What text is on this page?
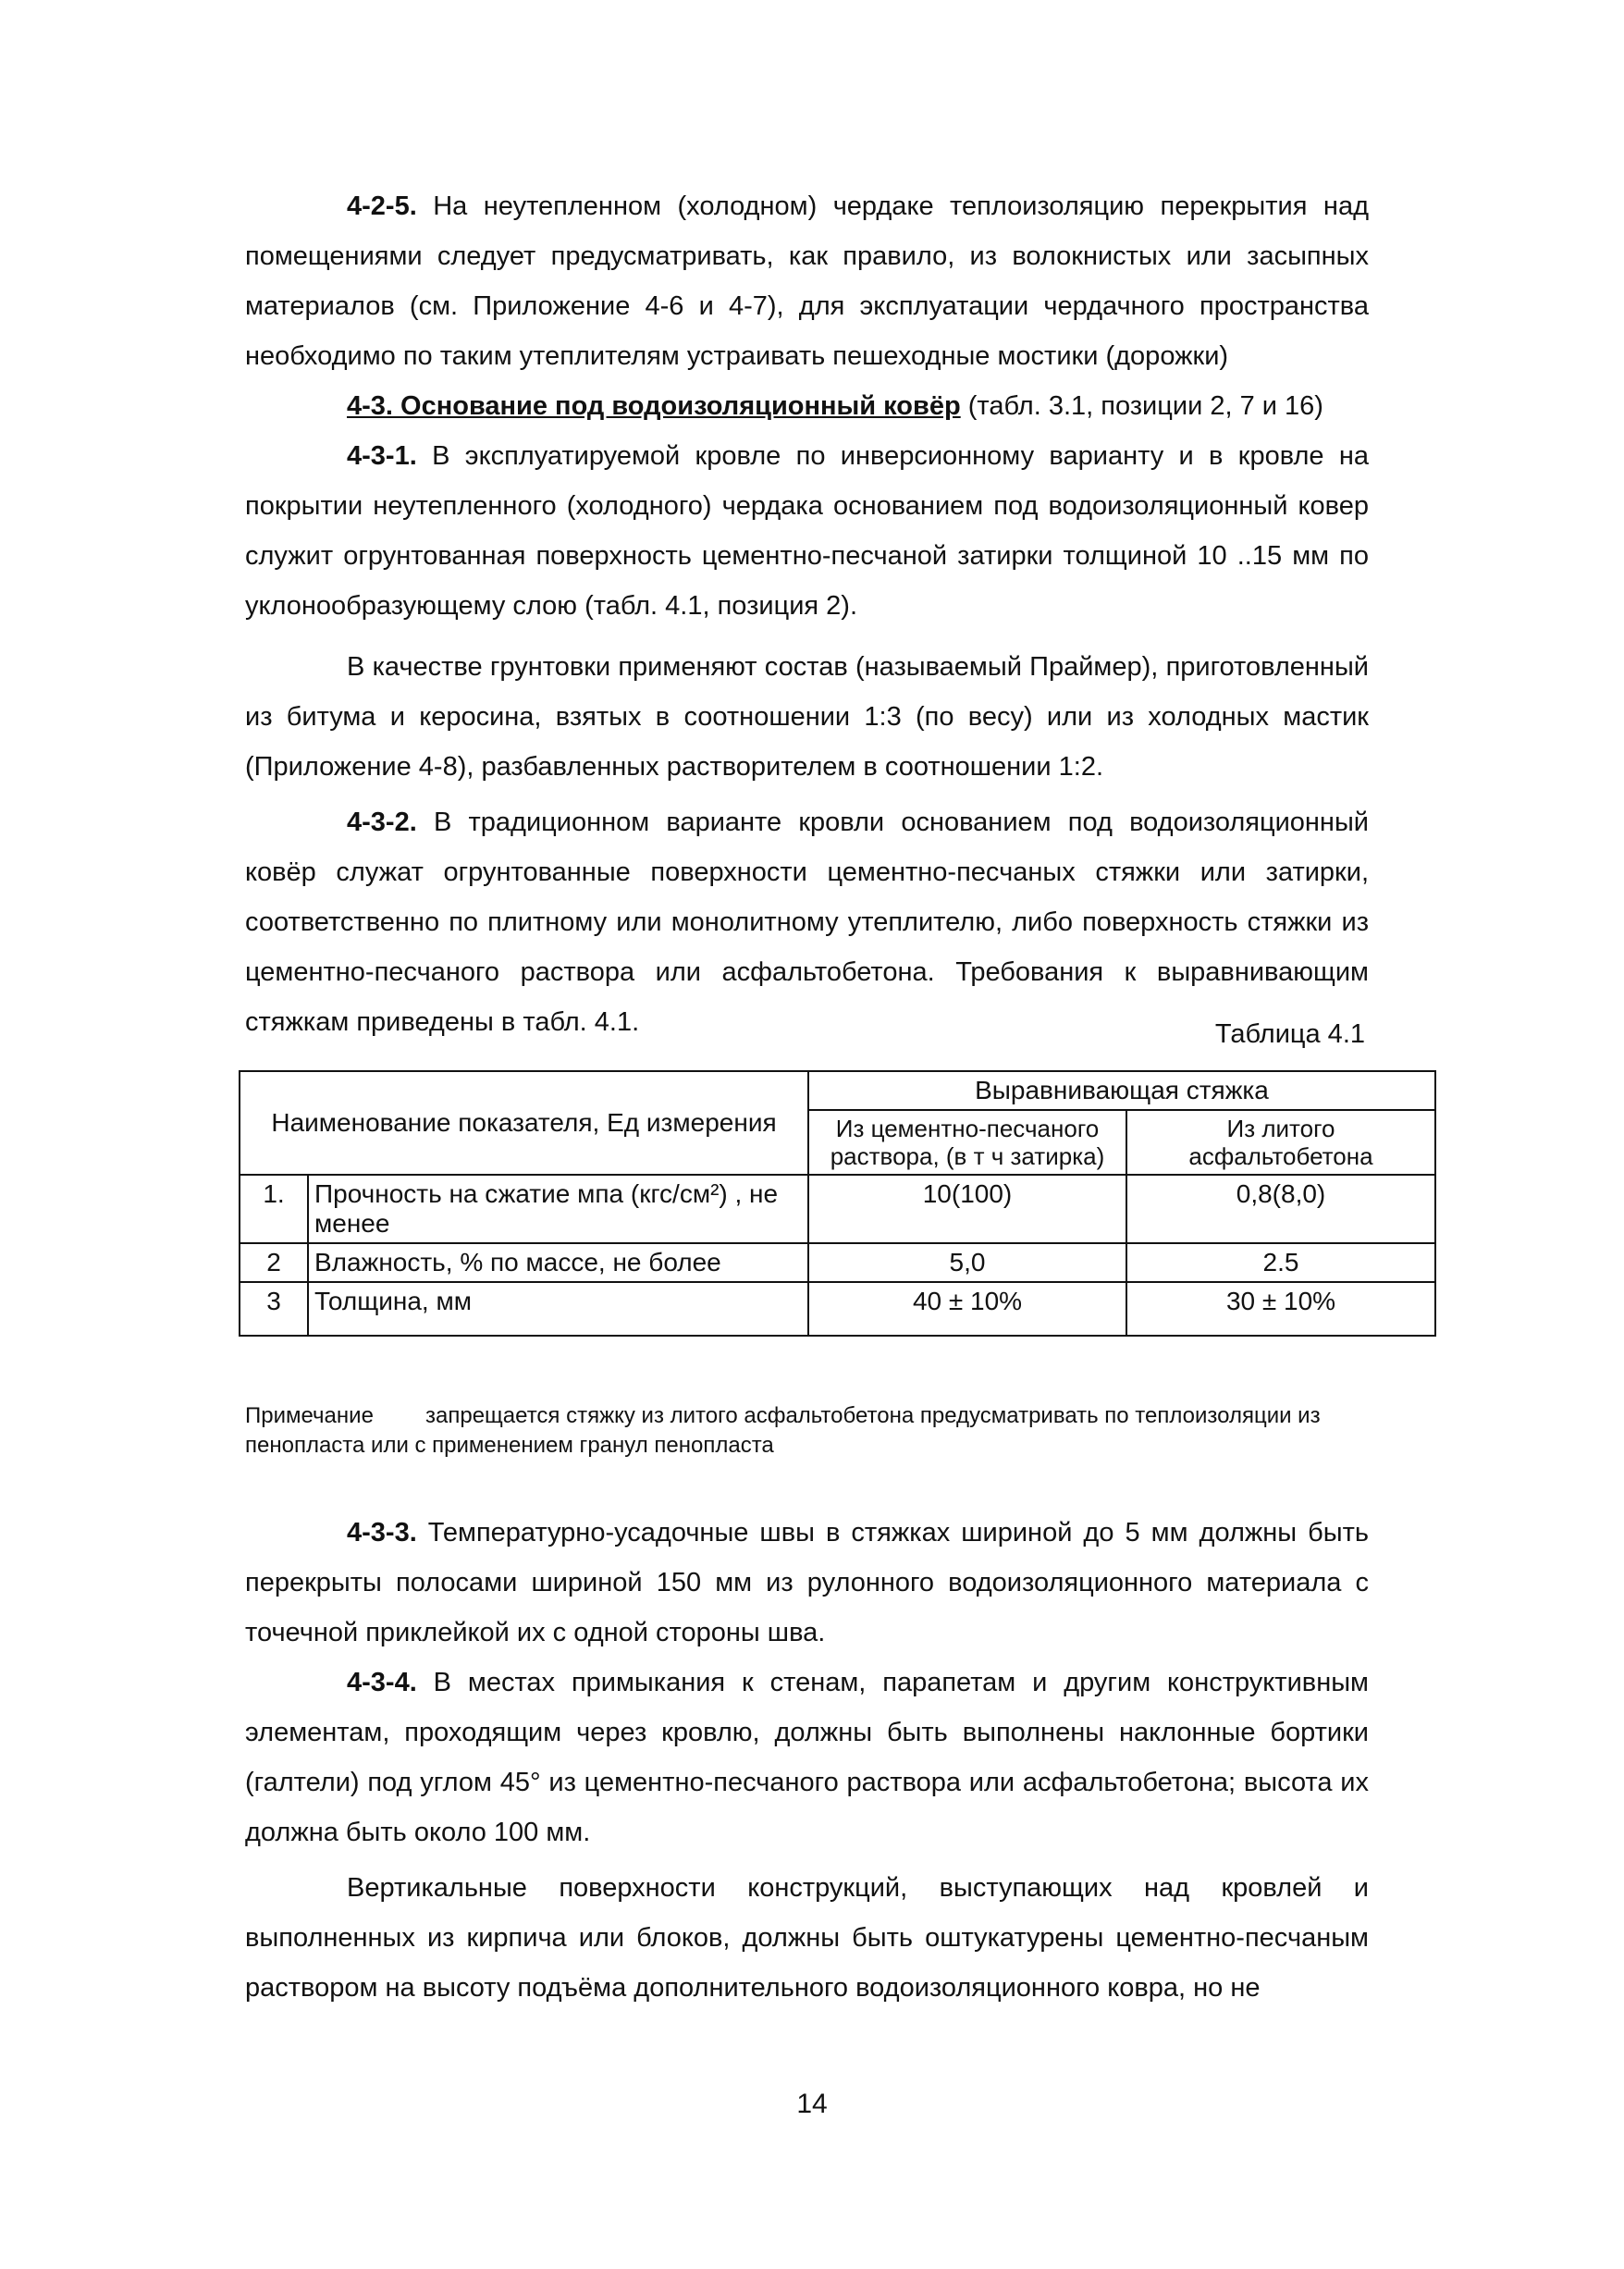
4-2-5. На неутепленном (холодном) чердаке теплоизоляцию перекрытия над помещениями следует предусматривать, как правило, из волокнистых или засыпных материалов (см. Приложение 4-6 и 4-7), для эксплуатации чердачного пространства необходимо по таким утеплителям устраивать пешеходные мостики (дорожки)

4-3. Основание под водоизоляционный ковёр (табл. 3.1, позиции 2, 7 и 16)

4-3-1. В эксплуатируемой кровле по инверсионному варианту и в кровле на покрытии неутепленного (холодного) чердака основанием под водоизоляционный ковер служит огрунтованная поверхность цементно-песчаной затирки толщиной 10 ..15 мм по уклонообразующему слою (табл. 4.1, позиция 2).

В качестве грунтовки применяют состав (называемый Праймер), приготовленный из битума и керосина, взятых в соотношении 1:3 (по весу) или из холодных мастик (Приложение 4-8), разбавленных растворителем в соотношении 1:2.

4-3-2. В традиционном варианте кровли основанием под водоизоляционный ковёр служат огрунтованные поверхности цементно-песчаных стяжки или затирки, соответственно по плитному или монолитному утеплителю, либо поверхность стяжки из цементно-песчаного раствора или асфальтобетона. Требования к выравнивающим стяжкам приведены в табл. 4.1.	Таблица 4.1
Наименование показателя, Ед измерения		Выравнивающая стяжка	
		Из цементно-песчаного раствора, (в т ч затирка)	Из литого асфальтобетона
1.	Прочность на сжатие мпа (кгс/см²) , не менее	10(100)	0,8(8,0)
2	Влажность, % по массе, не более	5,0	2.5
3	Толщина, мм	40 ± 10%	30 ± 10%
Примечание запрещается стяжку из литого асфальтобетона предусматривать по теплоизоляции из пенопласта или с применением гранул пенопласта

4-3-3. Температурно-усадочные швы в стяжках шириной до 5 мм должны быть перекрыты полосами шириной 150 мм из рулонного водоизоляционного материала с точечной приклейкой их с одной стороны шва.

4-3-4. В местах примыкания к стенам, парапетам и другим конструктивным элементам, проходящим через кровлю, должны быть выполнены наклонные бортики (галтели) под углом 45° из цементно-песчаного раствора или асфальтобетона; высота их должна быть около 100 мм.

Вертикальные поверхности конструкций, выступающих над кровлей и выполненных из кирпича или блоков, должны быть оштукатурены цементно-песчаным раствором на высоту подъёма дополнительного водоизоляционного ковра, но не

14
